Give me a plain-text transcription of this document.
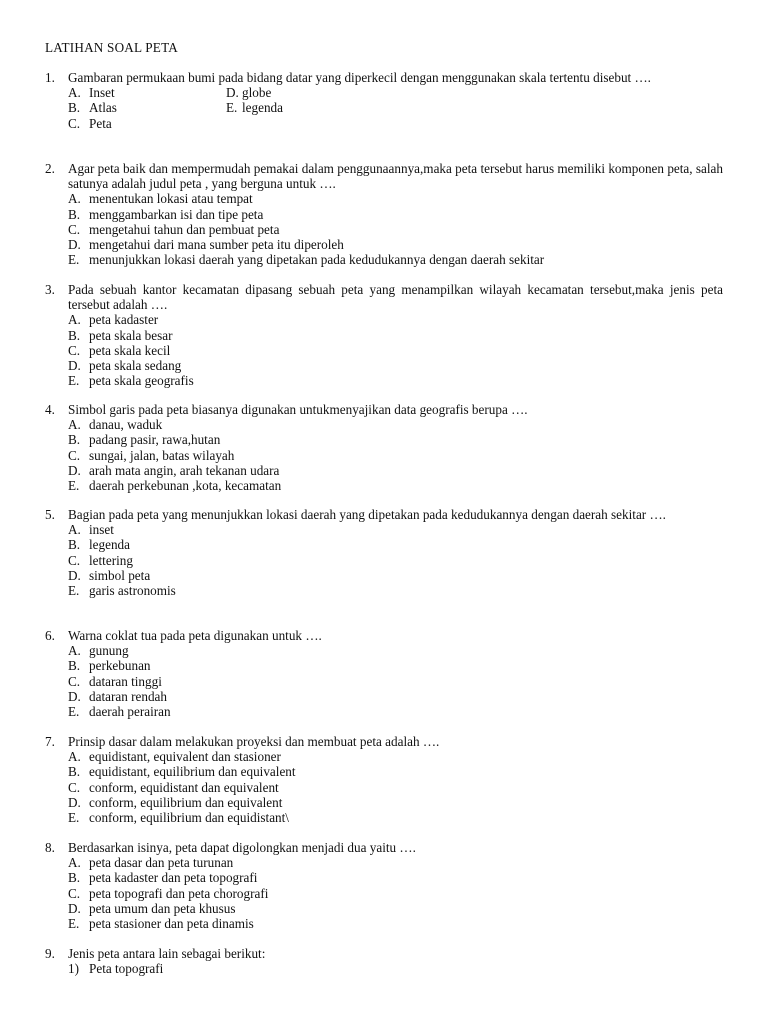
LATIHAN SOAL PETA
1. Gambaran permukaan bumi pada bidang datar yang diperkecil dengan menggunakan skala tertentu disebut ….
A. Inset	D. globe
B. Atlas	E. legenda
C. Peta
2. Agar peta baik dan mempermudah pemakai dalam penggunaannya,maka peta tersebut harus memiliki komponen peta, salah satunya adalah judul peta , yang berguna untuk ….
A. menentukan lokasi atau tempat
B. menggambarkan isi dan tipe peta
C. mengetahui tahun dan pembuat peta
D. mengetahui dari mana sumber peta itu diperoleh
E. menunjukkan lokasi daerah yang dipetakan pada kedudukannya dengan daerah sekitar
3. Pada sebuah kantor kecamatan dipasang sebuah peta yang menampilkan wilayah kecamatan tersebut,maka jenis peta tersebut adalah ….
A. peta kadaster
B. peta skala besar
C. peta skala kecil
D. peta skala sedang
E. peta skala geografis
4. Simbol garis pada peta biasanya digunakan untukmenyajikan data geografis berupa ….
A. danau, waduk
B. padang pasir, rawa,hutan
C. sungai, jalan, batas wilayah
D. arah mata angin, arah tekanan udara
E. daerah perkebunan ,kota, kecamatan
5. Bagian pada peta yang menunjukkan lokasi daerah yang dipetakan pada kedudukannya dengan daerah sekitar ….
A. inset
B. legenda
C. lettering
D. simbol peta
E. garis astronomis
6. Warna coklat tua pada peta digunakan untuk ….
A. gunung
B. perkebunan
C. dataran tinggi
D. dataran rendah
E. daerah perairan
7. Prinsip dasar dalam melakukan proyeksi dan membuat peta adalah ….
A. equidistant, equivalent dan stasioner
B. equidistant, equilibrium dan equivalent
C. conform, equidistant dan equivalent
D. conform, equilibrium dan equivalent
E. conform, equilibrium dan equidistant\
8. Berdasarkan isinya, peta dapat digolongkan menjadi dua yaitu ….
A. peta dasar dan peta turunan
B. peta kadaster dan peta topografi
C. peta topografi dan peta chorografi
D. peta umum dan peta khusus
E. peta stasioner dan peta dinamis
9. Jenis peta antara lain sebagai berikut:
1) Peta topografi
